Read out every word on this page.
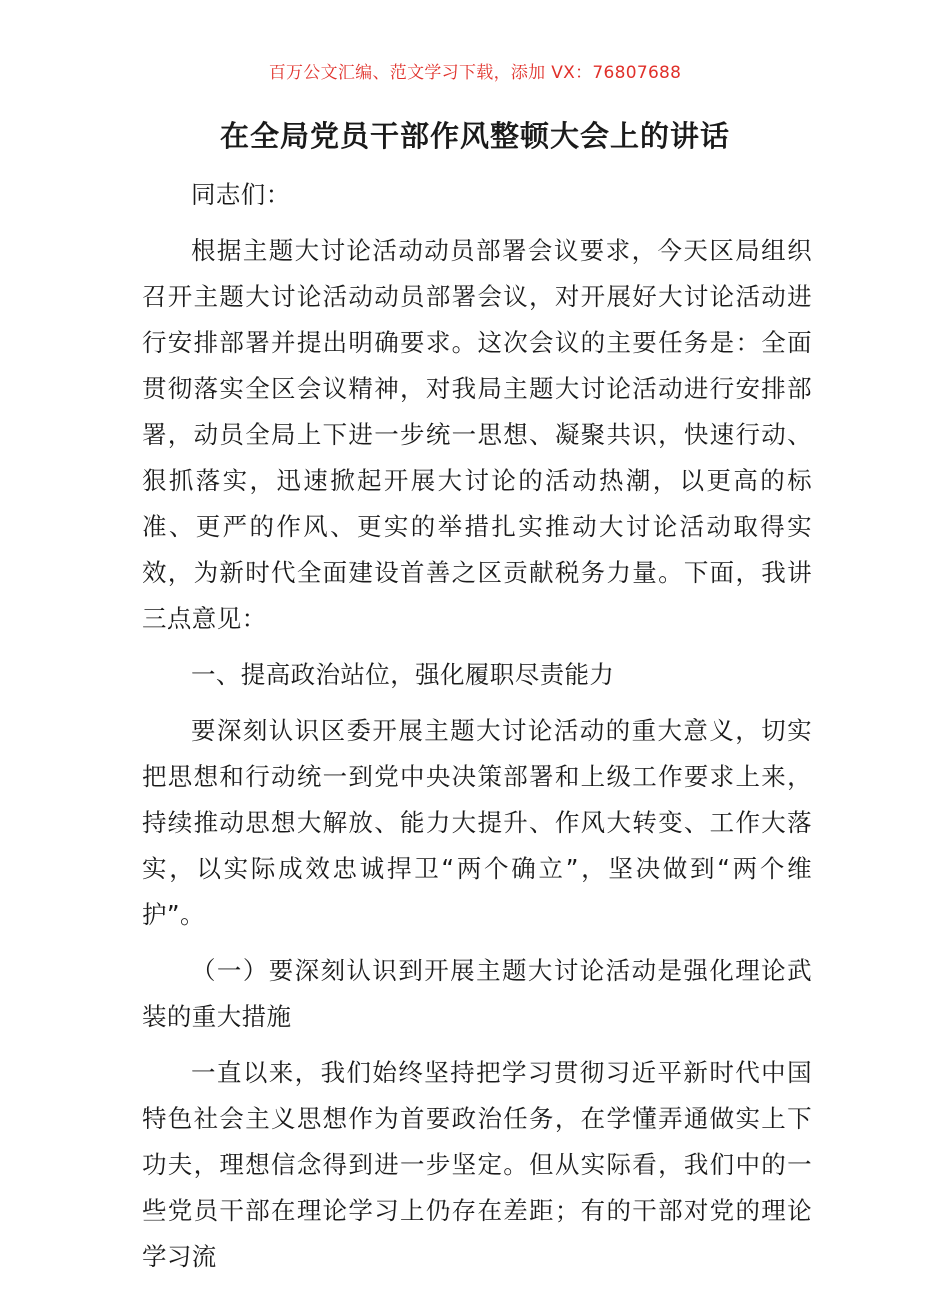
百万公文汇编、范文学习下载，添加 VX：76807688
在全局党员干部作风整顿大会上的讲话

同志们：

根据主题大讨论活动动员部署会议要求，今天区局组织召开主题大讨论活动动员部署会议，对开展好大讨论活动进行安排部署并提出明确要求。这次会议的主要任务是：全面贯彻落实全区会议精神，对我局主题大讨论活动进行安排部署，动员全局上下进一步统一思想、凝聚共识，快速行动、狠抓落实，迅速掀起开展大讨论的活动热潮，以更高的标准、更严的作风、更实的举措扎实推动大讨论活动取得实效，为新时代全面建设首善之区贡献税务力量。下面，我讲三点意见：

一、提高政治站位，强化履职尽责能力

要深刻认识区委开展主题大讨论活动的重大意义，切实把思想和行动统一到党中央决策部署和上级工作要求上来，持续推动思想大解放、能力大提升、作风大转变、工作大落实，以实际成效忠诚捍卫“两个确立”，坚决做到“两个维护”。

（一）要深刻认识到开展主题大讨论活动是强化理论武装的重大措施

一直以来，我们始终坚持把学习贯彻习近平新时代中国特色社会主义思想作为首要政治任务，在学懂弄通做实上下功夫，理想信念得到进一步坚定。但从实际看，我们中的一些党员干部在理论学习上仍存在差距；有的干部对党的理论学习流
